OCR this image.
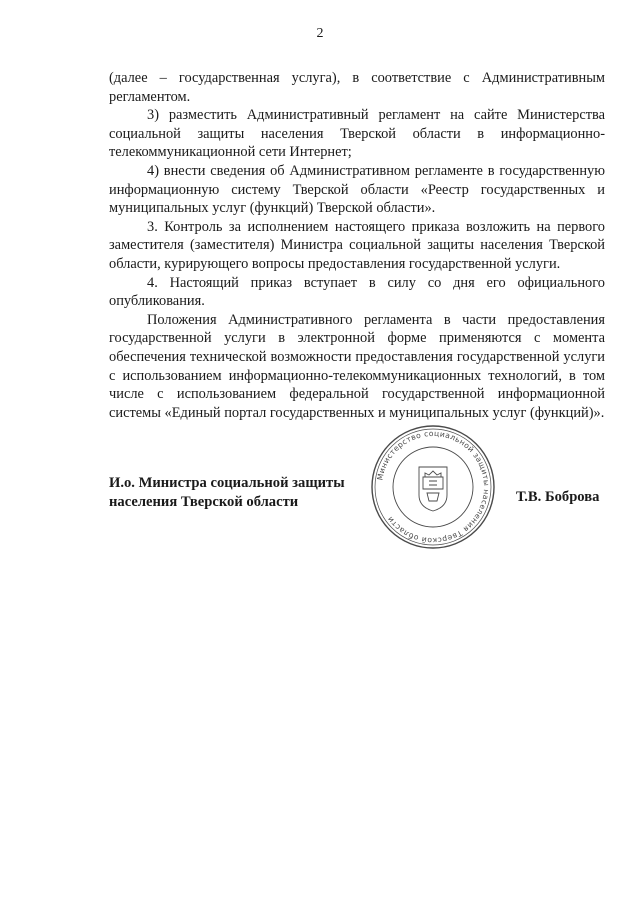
2

(далее – государственная услуга), в соответствие с Административным регламентом.

3) разместить Административный регламент на сайте Министерства социальной защиты населения Тверской области в информационно-телекоммуникационной сети Интернет;

4) внести сведения об Административном регламенте в государственную информационную систему Тверской области «Реестр государственных и муниципальных услуг (функций) Тверской области».

3. Контроль за исполнением настоящего приказа возложить на первого заместителя (заместителя) Министра социальной защиты населения Тверской области, курирующего вопросы предоставления государственной услуги.

4. Настоящий приказ вступает в силу со дня его официального опубликования.

Положения Административного регламента в части предоставления государственной услуги в электронной форме применяются с момента обеспечения технической возможности предоставления государственной услуги с использованием информационно-телекоммуникационных технологий, в том числе с использованием федеральной государственной информационной системы «Единый портал государственных и муниципальных услуг (функций)».

И.о. Министра социальной защиты
населения Тверской области
Министерство социальной защиты населения Тверской области
Т.В. Боброва
